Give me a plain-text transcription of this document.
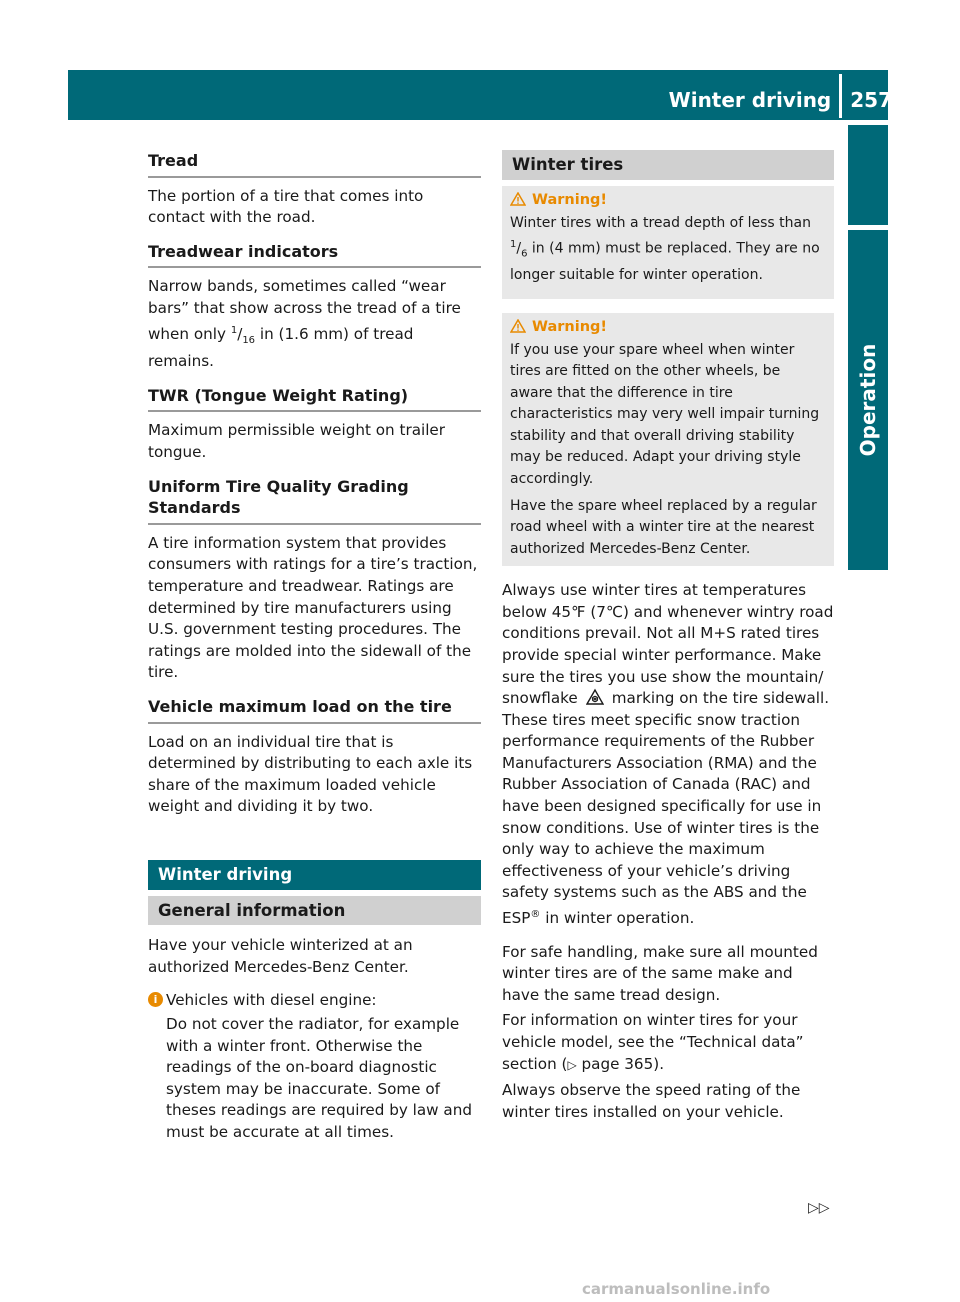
Winter driving 257
Operation
Tread

The portion of a tire that comes into contact with the road.

Treadwear indicators

Narrow bands, sometimes called “wear bars” that show across the tread of a tire when only $^1/_{16}$ in (1.6 mm) of tread remains.

TWR (Tongue Weight Rating)

Maximum permissible weight on trailer tongue.

Uniform Tire Quality Grading Standards

A tire information system that provides consumers with ratings for a tire’s traction, temperature and treadwear. Ratings are determined by tire manufacturers using U.S. government testing procedures. The ratings are molded into the sidewall of the tire.

Vehicle maximum load on the tire

Load on an individual tire that is determined by distributing to each axle its share of the maximum loaded vehicle weight and dividing it by two.

Winter driving
General information

Have your vehicle winterized at an authorized Mercedes-Benz Center.

i Vehicles with diesel engine:
Do not cover the radiator, for example with a winter front. Otherwise the readings of the on-board diagnostic system may be inaccurate. Some of theses readings are required by law and must be accurate at all times.
Winter tires
Warning!

Winter tires with a tread depth of less than $^1/_6$ in (4 mm) must be replaced. They are no longer suitable for winter operation.

Warning!

If you use your spare wheel when winter tires are fitted on the other wheels, be aware that the difference in tire characteristics may very well impair turning stability and that overall driving stability may be reduced. Adapt your driving style accordingly.

Have the spare wheel replaced by a regular road wheel with a winter tire at the nearest authorized Mercedes-Benz Center.

Always use winter tires at temperatures below 45℉ (7℃) and whenever wintry road conditions prevail. Not all M+S rated tires provide special winter performance. Make sure the tires you use show the mountain/ snowflake marking on the tire sidewall. These tires meet specific snow traction performance requirements of the Rubber Manufacturers Association (RMA) and the Rubber Association of Canada (RAC) and have been designed specifically for use in snow conditions. Use of winter tires is the only way to achieve the maximum effectiveness of your vehicle’s driving safety systems such as the ABS and the ESP® in winter operation.

For safe handling, make sure all mounted winter tires are of the same make and have the same tread design.

For information on winter tires for your vehicle model, see the “Technical data” section (▷ page 365).

Always observe the speed rating of the winter tires installed on your vehicle.

▷▷
carmanualsonline.info
